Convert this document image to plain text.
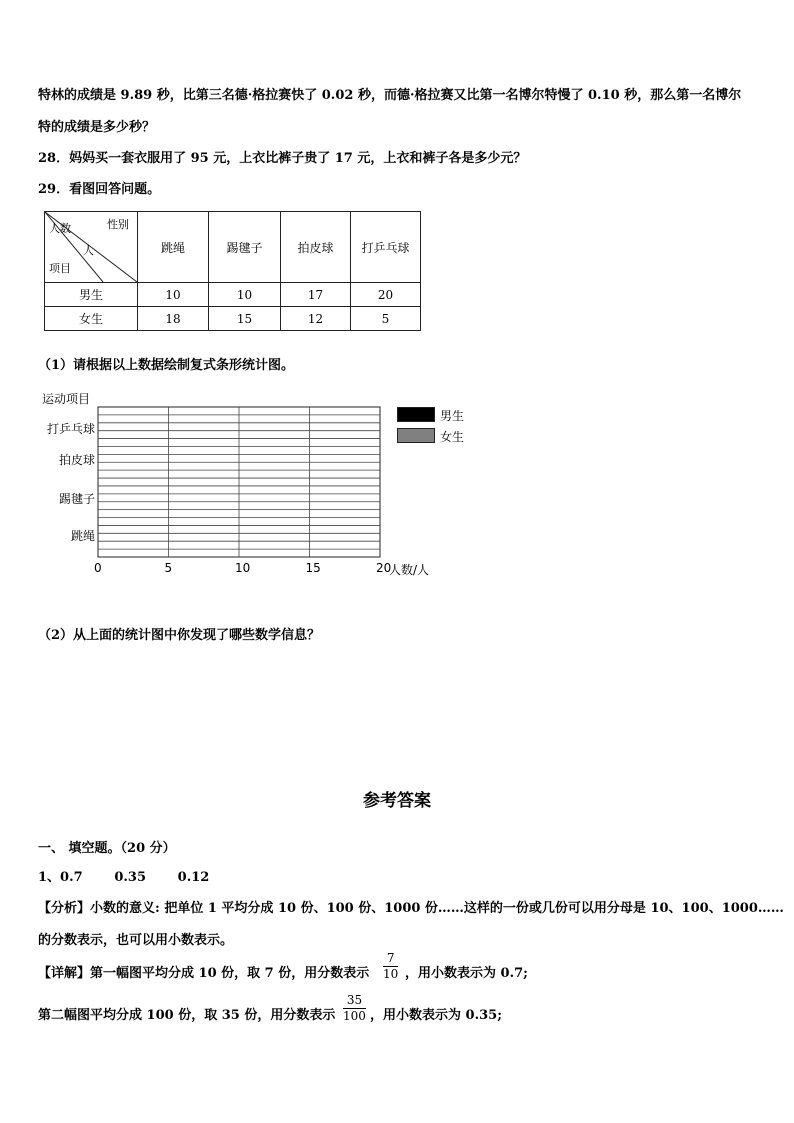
特林的成绩是 9.89 秒，比第三名德·格拉赛快了 0.02 秒，而德·格拉赛又比第一名博尔特慢了 0.10 秒，那么第一名博尔
特的成绩是多少秒？
28．妈妈买一套衣服用了 95 元，上衣比裤子贵了 17 元，上衣和裤子各是多少元？
29．看图回答问题。
性别
人数
人
项目	跳绳	踢毽子	拍皮球	打乒乓球
男生	10	10	17	20
女生	18	15	12	5
（1）请根据以上数据绘制复式条形统计图。
运动项目
跳绳
踢毽子
拍皮球
打乒乓球
0	5	10	15	20
人数/人
男生
女生
（2）从上面的统计图中你发现了哪些数学信息？
参考答案
一、 填空题。（20 分）
1、0.7       0.35       0.12
【分析】小数的意义: 把单位 1 平均分成 10 份、100 份、1000 份……这样的一份或几份可以用分母是 10、100、1000……
的分数表示，也可以用小数表示。
【详解】第一幅图平均分成 10 份，取 7 份，用分数表示 $\frac{7}{10}$ ，用小数表示为 0.7;
第二幅图平均分成 100 份，取 35 份，用分数表示 $\frac{35}{100}$ ，用小数表示为 0.35;
